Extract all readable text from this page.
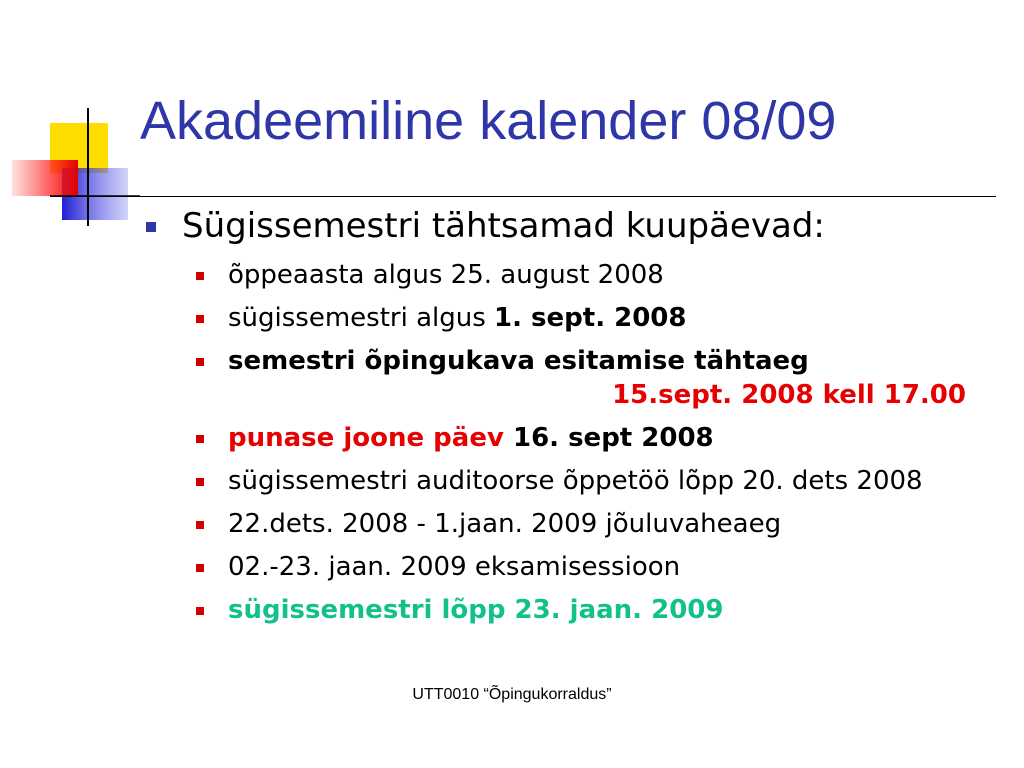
Akadeemiline kalender 08/09
Sügissemestri tähtsamad kuupäevad:
õppeaasta algus 25. august 2008
sügissemestri algus 1. sept. 2008
semestri õpingukava esitamise tähtaeg
15.sept. 2008 kell 17.00
punase joone päev 16. sept 2008
sügissemestri auditoorse õppetöö lõpp 20. dets 2008
22.dets. 2008 - 1.jaan. 2009 jõuluvaheaeg
02.-23. jaan. 2009 eksamisessioon
sügissemestri lõpp 23. jaan. 2009
UTT0010 “Õpingukorraldus”
